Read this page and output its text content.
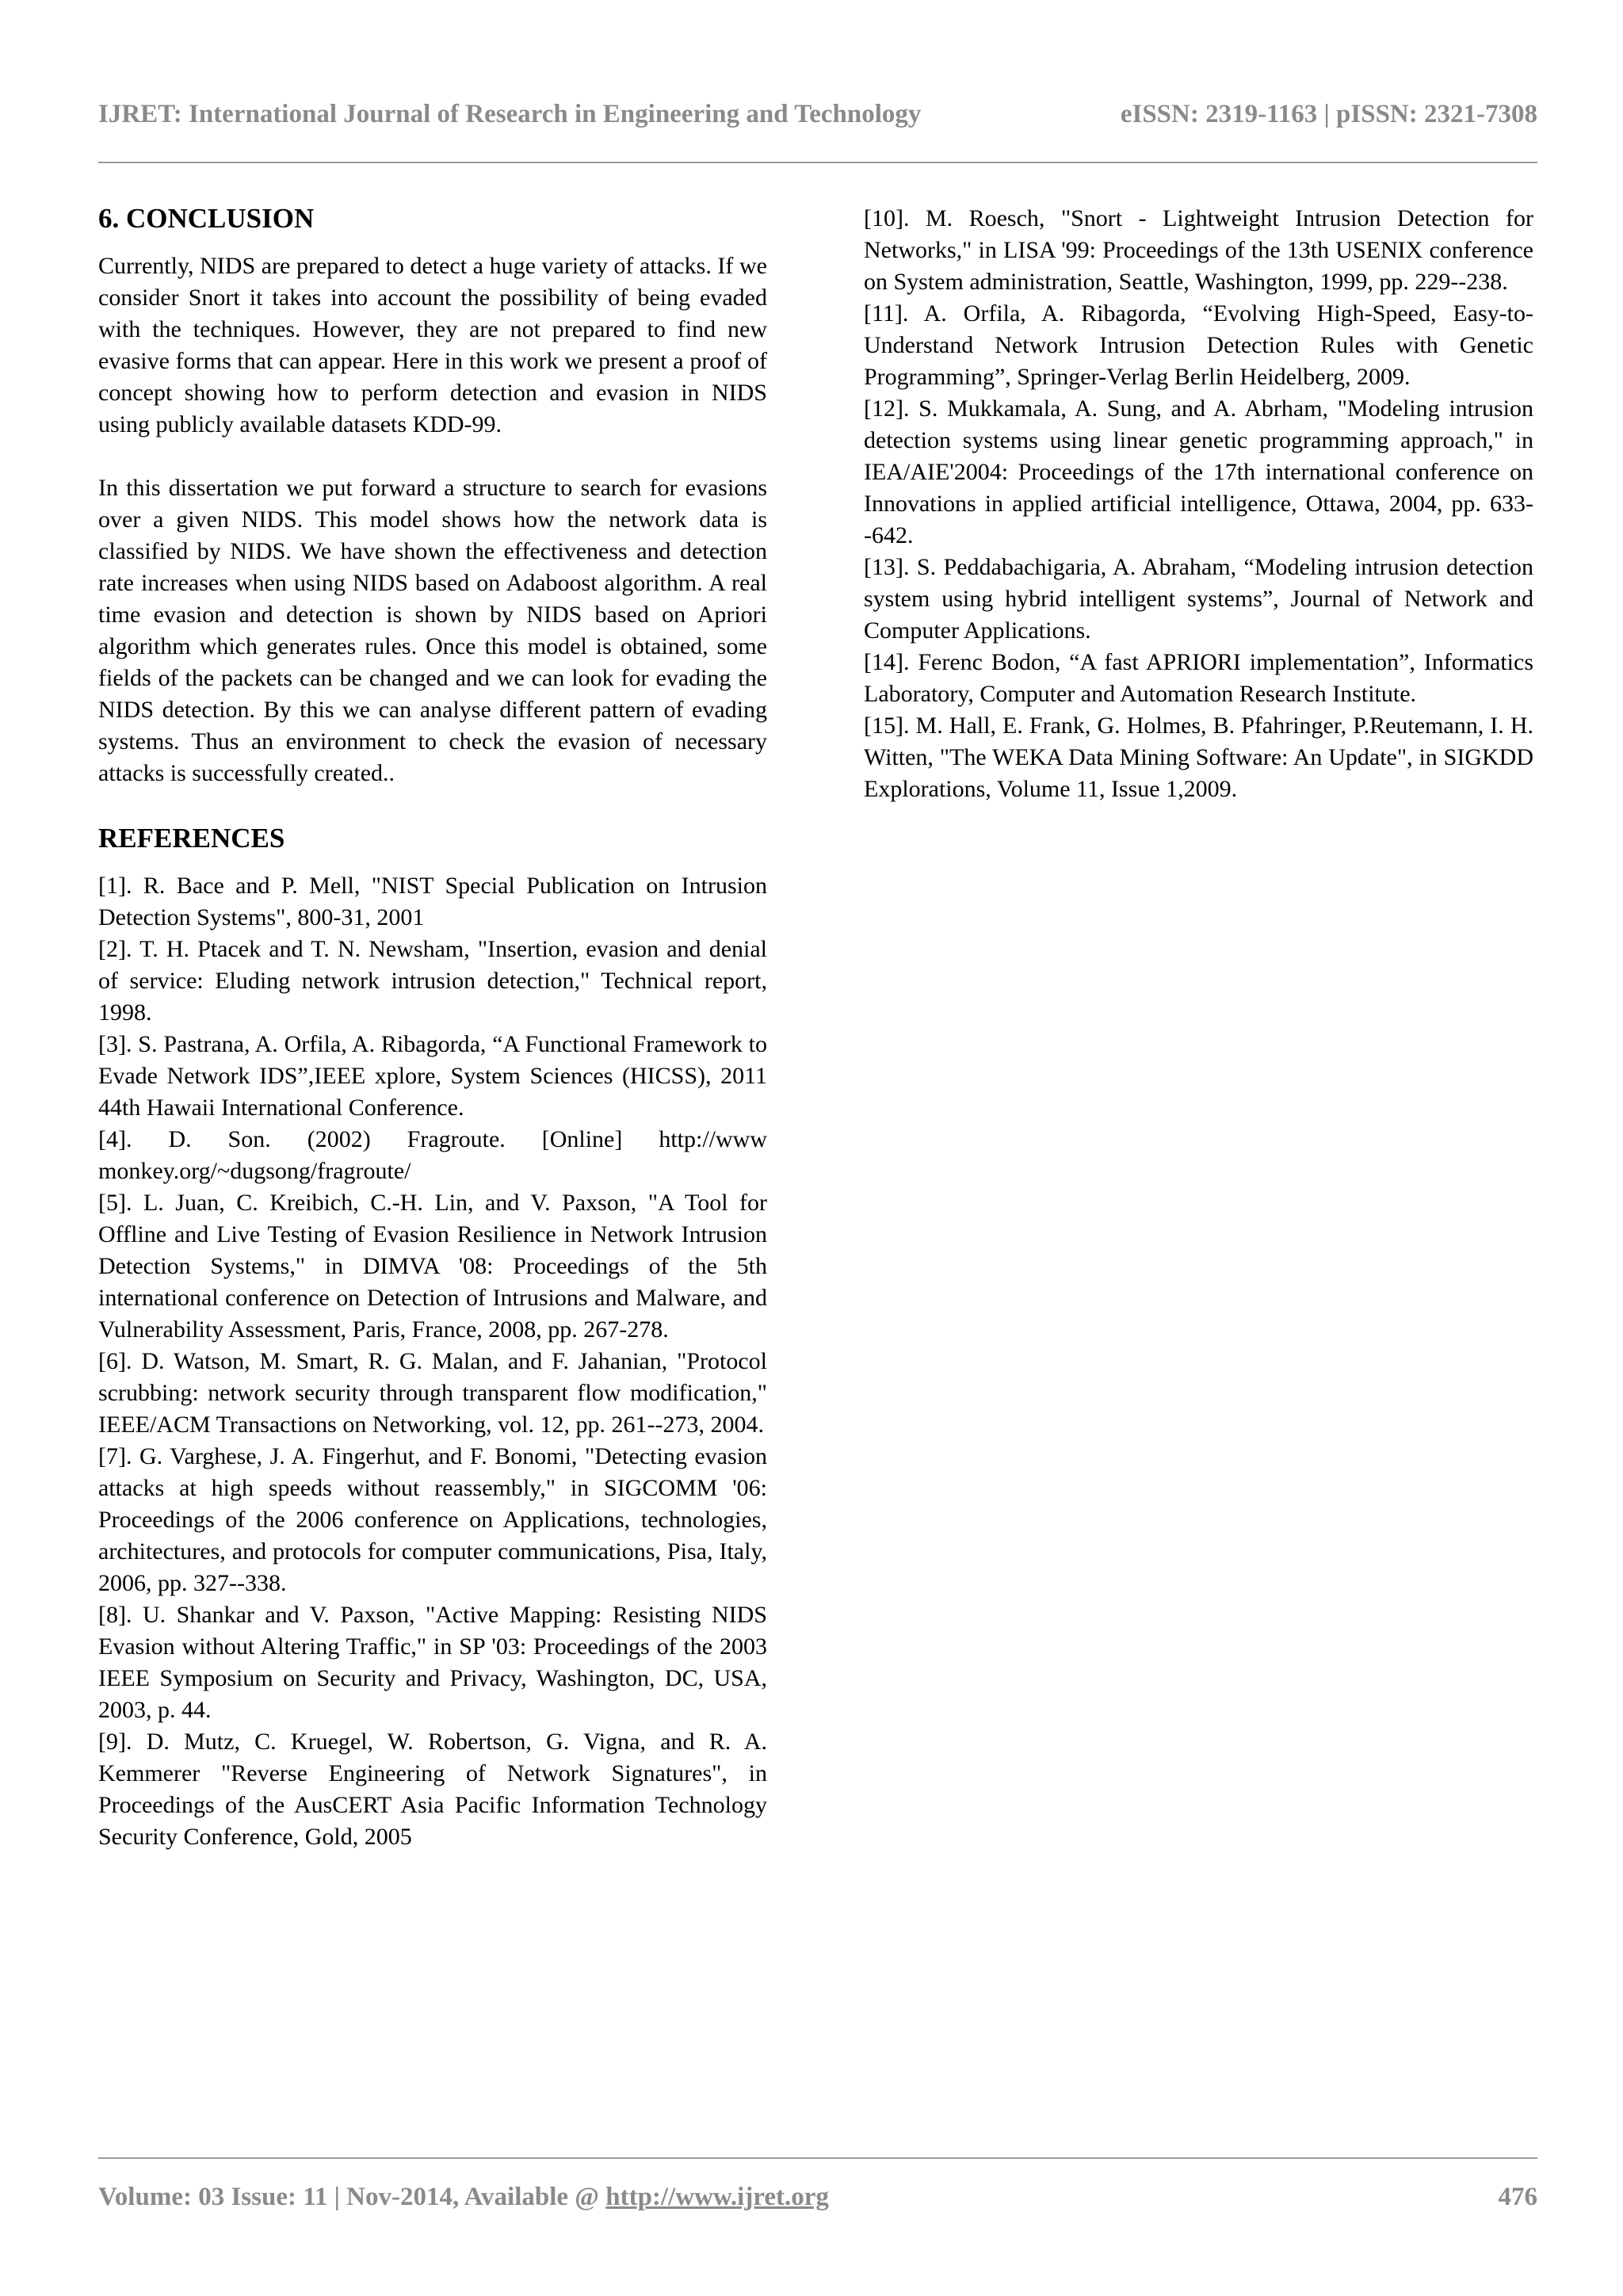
IJRET: International Journal of Research in Engineering and Technology	eISSN: 2319-1163 | pISSN: 2321-7308
6. CONCLUSION

Currently, NIDS are prepared to detect a huge variety of attacks. If we consider Snort it takes into account the possibility of being evaded with the techniques. However, they are not prepared to find new evasive forms that can appear. Here in this work we present a proof of concept showing how to perform detection and evasion in NIDS using publicly available datasets KDD-99.

In this dissertation we put forward a structure to search for evasions over a given NIDS. This model shows how the network data is classified by NIDS. We have shown the effectiveness and detection rate increases when using NIDS based on Adaboost algorithm. A real time evasion and detection is shown by NIDS based on Apriori algorithm which generates rules. Once this model is obtained, some fields of the packets can be changed and we can look for evading the NIDS detection. By this we can analyse different pattern of evading systems. Thus an environment to check the evasion of necessary attacks is successfully created..

REFERENCES
[1]. R. Bace and P. Mell, "NIST Special Publication on Intrusion Detection Systems", 800-31, 2001
[2]. T. H. Ptacek and T. N. Newsham, "Insertion, evasion and denial of service: Eluding network intrusion detection," Technical report, 1998.
[3]. S. Pastrana, A. Orfila, A. Ribagorda, “A Functional Framework to Evade Network IDS”,IEEE xplore, System Sciences (HICSS), 2011 44th Hawaii International Conference.
[4]. D. Son. (2002) Fragroute. [Online] http://www monkey.org/~dugsong/fragroute/
[5]. L. Juan, C. Kreibich, C.-H. Lin, and V. Paxson, "A Tool for Offline and Live Testing of Evasion Resilience in Network Intrusion Detection Systems," in DIMVA '08: Proceedings of the 5th international conference on Detection of Intrusions and Malware, and Vulnerability Assessment, Paris, France, 2008, pp. 267-278.
[6]. D. Watson, M. Smart, R. G. Malan, and F. Jahanian, "Protocol scrubbing: network security through transparent flow modification," IEEE/ACM Transactions on Networking, vol. 12, pp. 261--273, 2004.
[7]. G. Varghese, J. A. Fingerhut, and F. Bonomi, "Detecting evasion attacks at high speeds without reassembly," in SIGCOMM '06: Proceedings of the 2006 conference on Applications, technologies, architectures, and protocols for computer communications, Pisa, Italy, 2006, pp. 327--338.
[8]. U. Shankar and V. Paxson, "Active Mapping: Resisting NIDS Evasion without Altering Traffic," in SP '03: Proceedings of the 2003 IEEE Symposium on Security and Privacy, Washington, DC, USA, 2003, p. 44.
[9]. D. Mutz, C. Kruegel, W. Robertson, G. Vigna, and R. A. Kemmerer "Reverse Engineering of Network Signatures", in Proceedings of the AusCERT Asia Pacific Information Technology Security Conference, Gold, 2005
[10]. M. Roesch, "Snort - Lightweight Intrusion Detection for Networks," in LISA '99: Proceedings of the 13th USENIX conference on System administration, Seattle, Washington, 1999, pp. 229--238.
[11]. A. Orfila, A. Ribagorda, “Evolving High-Speed, Easy-to-Understand Network Intrusion Detection Rules with Genetic Programming”, Springer-Verlag Berlin Heidelberg, 2009.
[12]. S. Mukkamala, A. Sung, and A. Abrham, "Modeling intrusion detection systems using linear genetic programming approach," in IEA/AIE'2004: Proceedings of the 17th international conference on Innovations in applied artificial intelligence, Ottawa, 2004, pp. 633--642.
[13]. S. Peddabachigaria, A. Abraham, “Modeling intrusion detection system using hybrid intelligent systems”, Journal of Network and Computer Applications.
[14]. Ferenc Bodon, “A fast APRIORI implementation”, Informatics Laboratory, Computer and Automation Research Institute.
[15]. M. Hall, E. Frank, G. Holmes, B. Pfahringer, P.Reutemann, I. H. Witten, "The WEKA Data Mining Software: An Update", in SIGKDD Explorations, Volume 11, Issue 1,2009.
Volume: 03 Issue: 11 | Nov-2014, Available @ http://www.ijret.org	476
